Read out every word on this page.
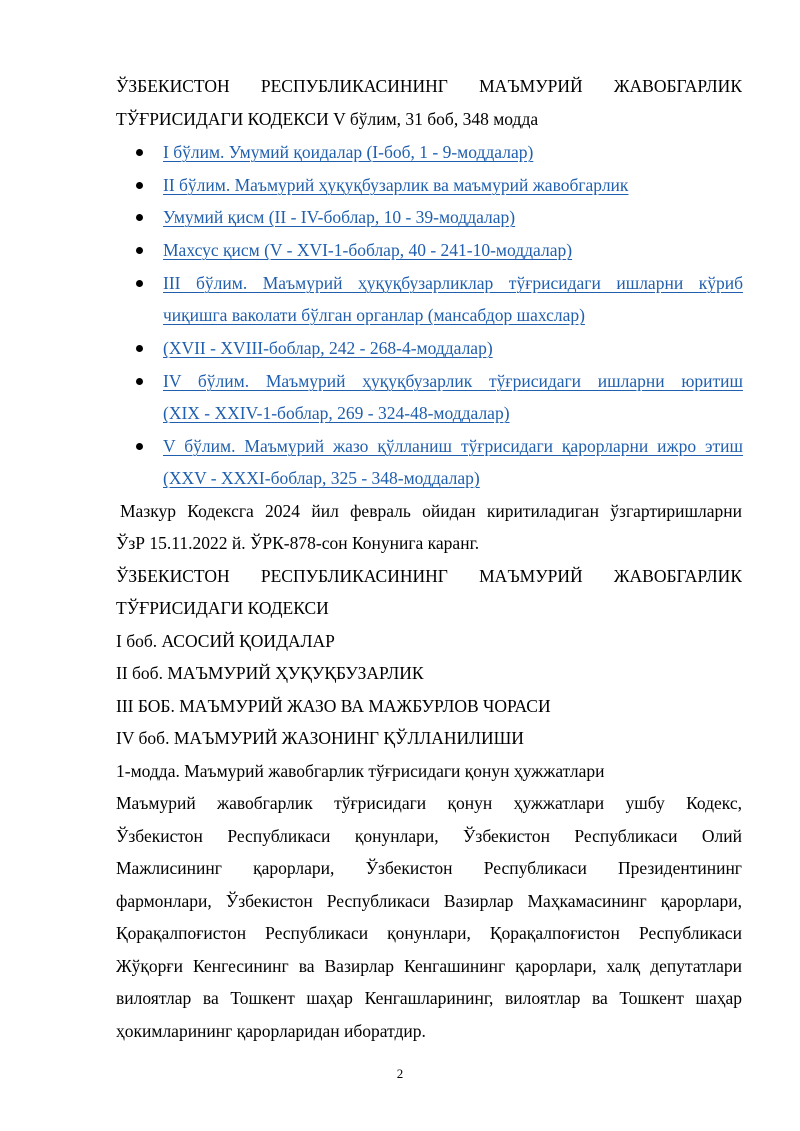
ЎЗБЕКИСТОН РЕСПУБЛИКАСИНИНГ МАЪМУРИЙ ЖАВОБГАРЛИК
ТЎҒРИСИДАГИ КОДЕКСИ V бўлим, 31 боб, 348 модда
I бўлим. Умумий қоидалар (I-боб, 1 - 9-моддалар)
II бўлим. Маъмурий ҳуқуқбузарлик ва маъмурий жавобгарлик
Умумий қисм (II - IV-боблар, 10 - 39-моддалар)
Махсус қисм (V - XVI-1-боблар, 40 - 241-10-моддалар)
III бўлим. Маъмурий ҳуқуқбузарликлар тўғрисидаги ишларни кўриб
чиқишга ваколати бўлган органлар (мансабдор шахслар)
(XVII - XVIII-боблар, 242 - 268-4-моддалар)
IV бўлим. Маъмурий ҳуқуқбузарлик тўғрисидаги ишларни юритиш
(XIX - XXIV-1-боблар, 269 - 324-48-моддалар)
V бўлим. Маъмурий жазо қўлланиш тўғрисидаги қарорларни ижро этиш
(XXV - XXXI-боблар, 325 - 348-моддалар)
Мазкур Кодексга 2024 йил февраль ойидан киритиладиган ўзгартиришларни
ЎзР 15.11.2022 й. ЎРК-878-сон Конунига каранг.
ЎЗБЕКИСТОН РЕСПУБЛИКАСИНИНГ МАЪМУРИЙ ЖАВОБГАРЛИК
ТЎҒРИСИДАГИ КОДЕКСИ
I боб. АСОСИЙ ҚОИДАЛАР
II боб. МАЪМУРИЙ ҲУҚУҚБУЗАРЛИК
III БОБ. МАЪМУРИЙ ЖАЗО ВА МАЖБУРЛОВ ЧОРАСИ
IV боб. МАЪМУРИЙ ЖАЗОНИНГ ҚЎЛЛАНИЛИШИ
1-модда. Маъмурий жавобгарлик тўғрисидаги қонун ҳужжатлари
Маъмурий жавобгарлик тўғрисидаги қонун ҳужжатлари ушбу Кодекс,
Ўзбекистон Республикаси қонунлари, Ўзбекистон Республикаси Олий
Мажлисининг қарорлари, Ўзбекистон Республикаси Президентининг
фармонлари, Ўзбекистон Республикаси Вазирлар Маҳкамасининг қарорлари,
Қорақалпоғистон Республикаси қонунлари, Қорақалпоғистон Республикаси
Жўқорғи Кенгесининг ва Вазирлар Кенгашининг қарорлари, халқ депутатлари
вилоятлар ва Тошкент шаҳар Кенгашларининг, вилоятлар ва Тошкент шаҳар
ҳокимларининг қарорларидан иборатдир.
2
